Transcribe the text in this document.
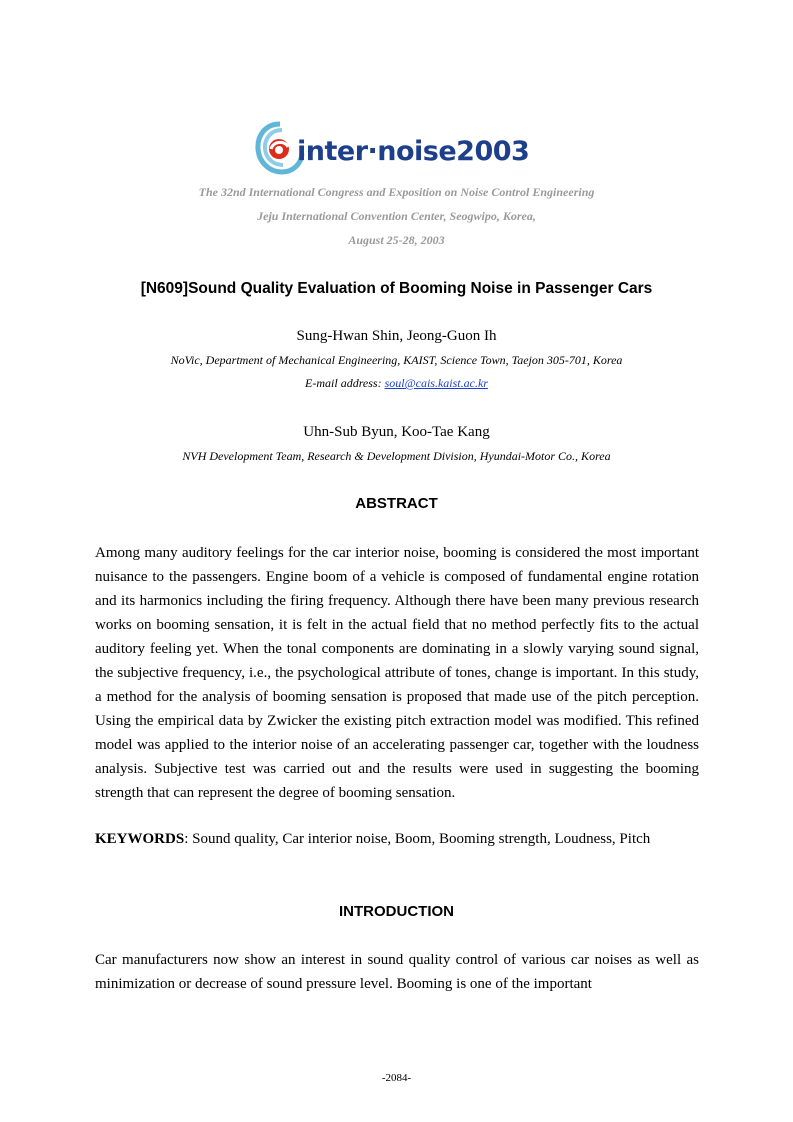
inter·noise2003
The 32nd International Congress and Exposition on Noise Control Engineering
Jeju International Convention Center, Seogwipo, Korea,
August 25-28, 2003
[N609]Sound Quality Evaluation of Booming Noise in Passenger Cars
Sung-Hwan Shin, Jeong-Guon Ih
NoVic, Department of Mechanical Engineering, KAIST, Science Town, Taejon 305-701, Korea
E-mail address: soul@cais.kaist.ac.kr
Uhn-Sub Byun, Koo-Tae Kang
NVH Development Team, Research & Development Division, Hyundai-Motor Co., Korea
ABSTRACT
Among many auditory feelings for the car interior noise, booming is considered the most important nuisance to the passengers. Engine boom of a vehicle is composed of fundamental engine rotation and its harmonics including the firing frequency. Although there have been many previous research works on booming sensation, it is felt in the actual field that no method perfectly fits to the actual auditory feeling yet. When the tonal components are dominating in a slowly varying sound signal, the subjective frequency, i.e., the psychological attribute of tones, change is important. In this study, a method for the analysis of booming sensation is proposed that made use of the pitch perception. Using the empirical data by Zwicker the existing pitch extraction model was modified. This refined model was applied to the interior noise of an accelerating passenger car, together with the loudness analysis. Subjective test was carried out and the results were used in suggesting the booming strength that can represent the degree of booming sensation.
KEYWORDS: Sound quality, Car interior noise, Boom, Booming strength, Loudness, Pitch
INTRODUCTION
Car manufacturers now show an interest in sound quality control of various car noises as well as minimization or decrease of sound pressure level. Booming is one of the important
-2084-
